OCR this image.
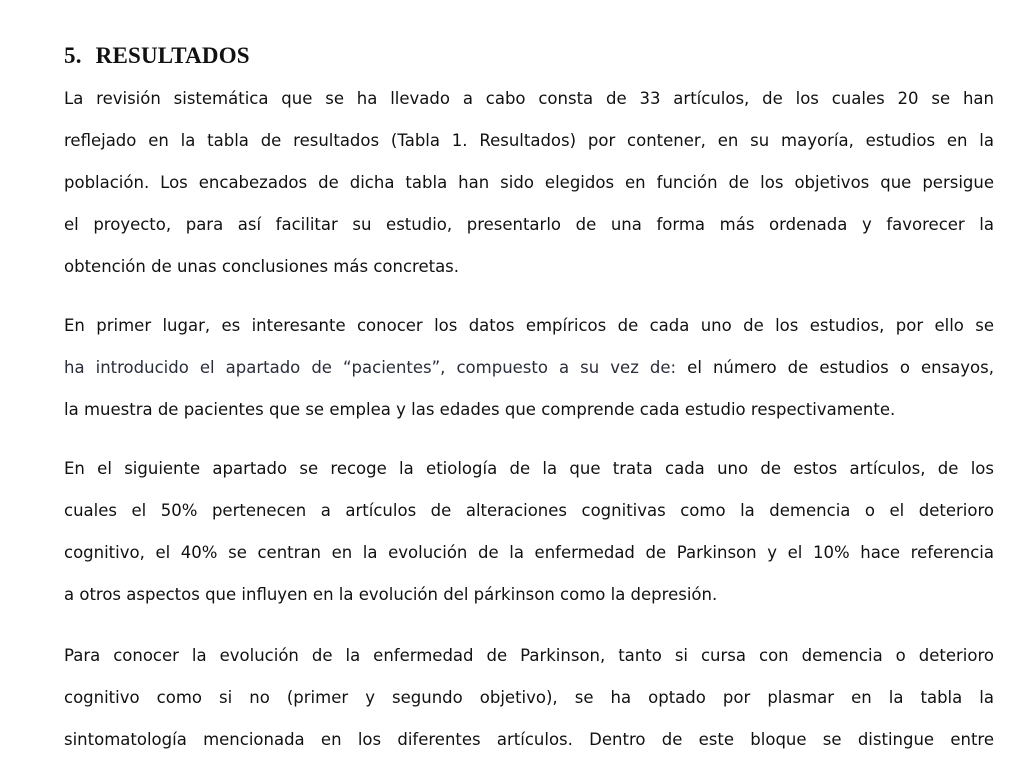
5. RESULTADOS
La revisión sistemática que se ha llevado a cabo consta de 33 artículos, de los cuales 20 se han
reflejado en la tabla de resultados (Tabla 1. Resultados) por contener, en su mayoría, estudios en la
población. Los encabezados de dicha tabla han sido elegidos en función de los objetivos que persigue
el proyecto, para así facilitar su estudio, presentarlo de una forma más ordenada y favorecer la
obtención de unas conclusiones más concretas.
En primer lugar, es interesante conocer los datos empíricos de cada uno de los estudios, por ello se
ha introducido el apartado de “pacientes”, compuesto a su vez de: el número de estudios o ensayos,
la muestra de pacientes que se emplea y las edades que comprende cada estudio respectivamente.
En el siguiente apartado se recoge la etiología de la que trata cada uno de estos artículos, de los
cuales el 50% pertenecen a artículos de alteraciones cognitivas como la demencia o el deterioro
cognitivo, el 40% se centran en la evolución de la enfermedad de Parkinson y el 10% hace referencia
a otros aspectos que influyen en la evolución del párkinson como la depresión.
Para conocer la evolución de la enfermedad de Parkinson, tanto si cursa con demencia o deterioro
cognitivo como si no (primer y segundo objetivo), se ha optado por plasmar en la tabla la
sintomatología mencionada en los diferentes artículos. Dentro de este bloque se distingue entre
